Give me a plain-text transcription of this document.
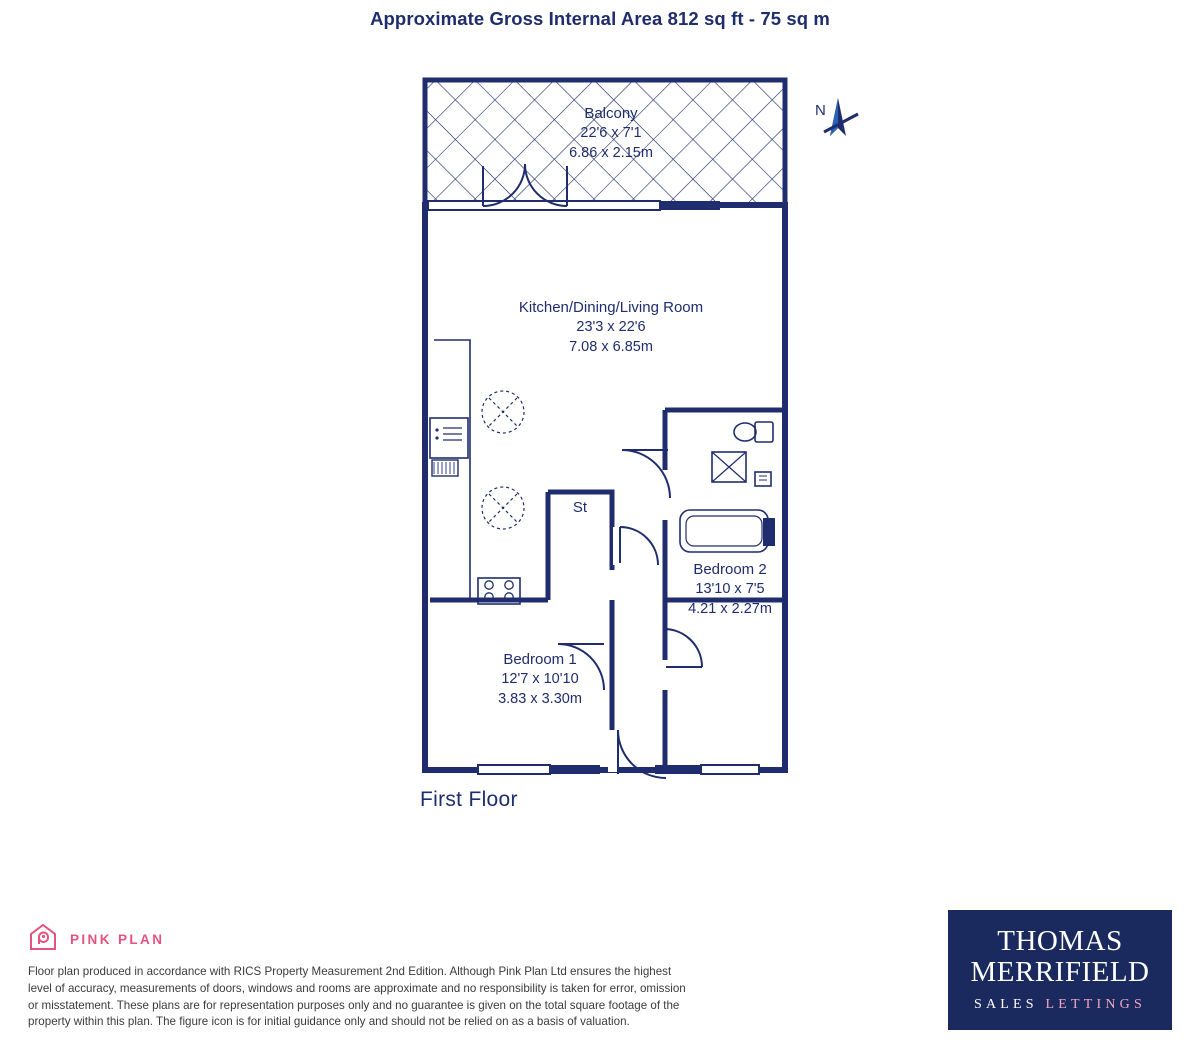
Approximate Gross Internal Area 812 sq ft - 75 sq m
Balcony
22'6 x 7'1
6.86 x 2.15m
Kitchen/Dining/Living Room
23'3 x 22'6
7.08 x 6.85m
St
Bedroom 2
13'10 x 7'5
4.21 x 2.27m
Bedroom 1
12'7 x 10'10
3.83 x 3.30m
First Floor
N
PINK PLAN
Floor plan produced in accordance with RICS Property Measurement 2nd Edition. Although Pink Plan Ltd ensures the highest level of accuracy, measurements of doors, windows and rooms are approximate and no responsibility is taken for error, omission or misstatement. These plans are for representation purposes only and no guarantee is given on the total square footage of the property within this plan. The figure icon is for initial guidance only and should not be relied on as a basis of valuation.
THOMAS
MERRIFIELD
SALES LETTINGS
